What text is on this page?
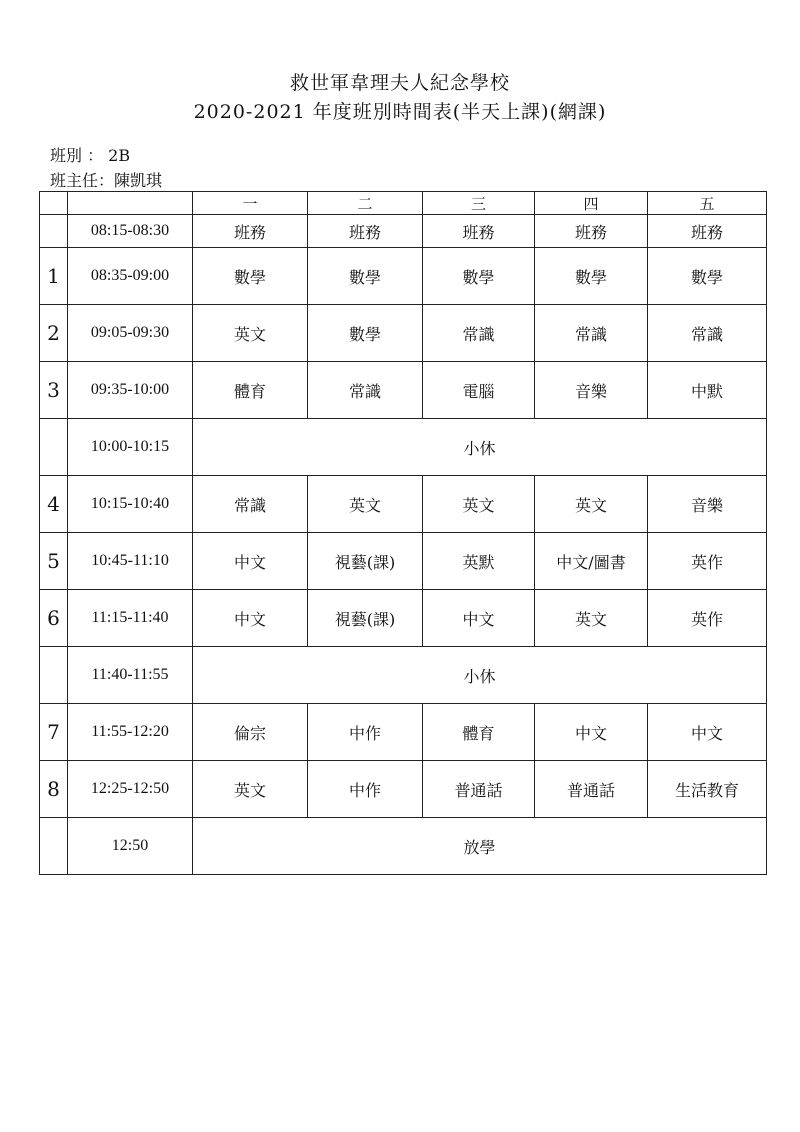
救世軍韋理夫人紀念學校
2020-2021 年度班別時間表(半天上課)(網課)
班別 ： 2B
班主任：陳凱琪
		一	二	三	四	五
	08:15-08:30	班務	班務	班務	班務	班務
1	08:35-09:00	數學	數學	數學	數學	數學
2	09:05-09:30	英文	數學	常識	常識	常識
3	09:35-10:00	體育	常識	電腦	音樂	中默
	10:00-10:15	小休				
4	10:15-10:40	常識	英文	英文	英文	音樂
5	10:45-11:10	中文	視藝(課)	英默	中文/圖書	英作
6	11:15-11:40	中文	視藝(課)	中文	英文	英作
	11:40-11:55	小休				
7	11:55-12:20	倫宗	中作	體育	中文	中文
8	12:25-12:50	英文	中作	普通話	普通話	生活教育
	12:50	放學				
